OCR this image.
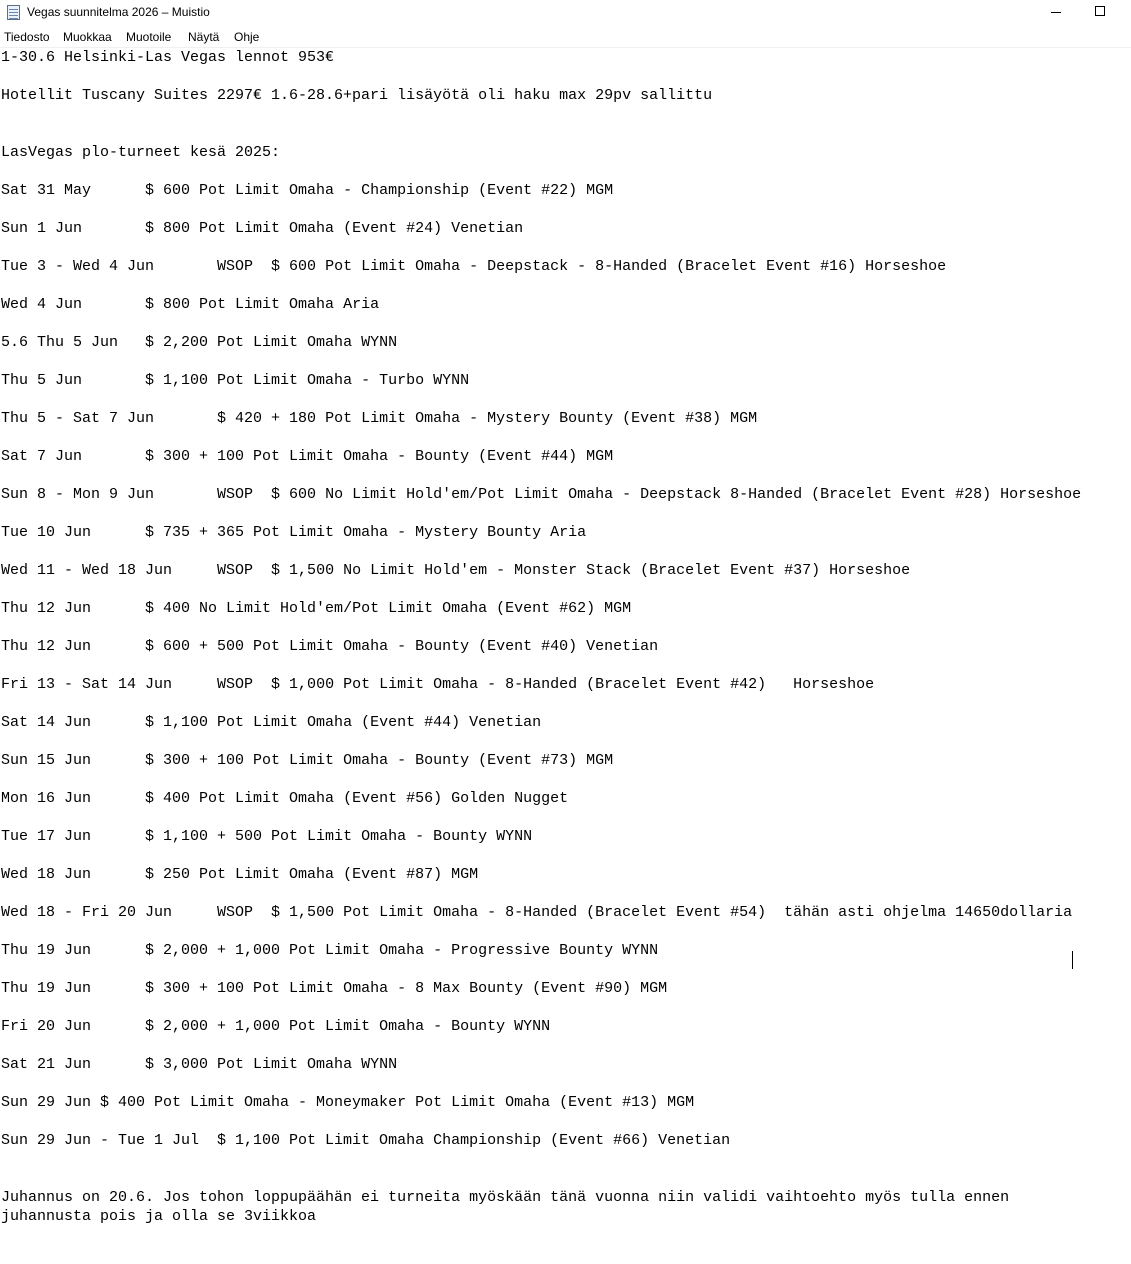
Vegas suunnitelma 2026 – Muistio
Tiedosto Muokkaa Muotoile Näytä Ohje
1-30.6 Helsinki-Las Vegas lennot 953€
Hotellit Tuscany Suites 2297€ 1.6-28.6+pari lisäyötä oli haku max 29pv sallittu
LasVegas plo-turneet kesä 2025:
Sat 31 May	$ 600 Pot Limit Omaha - Championship (Event #22) MGM
Sun 1 Jun	$ 800 Pot Limit Omaha (Event #24) Venetian
Tue 3 - Wed 4 Jun	WSOP  $ 600 Pot Limit Omaha - Deepstack - 8-Handed (Bracelet Event #16) Horseshoe
Wed 4 Jun	$ 800 Pot Limit Omaha Aria
5.6 Thu 5 Jun	$ 2,200 Pot Limit Omaha WYNN
Thu 5 Jun	$ 1,100 Pot Limit Omaha - Turbo WYNN
Thu 5 - Sat 7 Jun	$ 420 + 180 Pot Limit Omaha - Mystery Bounty (Event #38) MGM
Sat 7 Jun	$ 300 + 100 Pot Limit Omaha - Bounty (Event #44) MGM
Sun 8 - Mon 9 Jun	WSOP  $ 600 No Limit Hold'em/Pot Limit Omaha - Deepstack 8-Handed (Bracelet Event #28) Horseshoe
Tue 10 Jun	$ 735 + 365 Pot Limit Omaha - Mystery Bounty Aria
Wed 11 - Wed 18 Jun	WSOP  $ 1,500 No Limit Hold'em - Monster Stack (Bracelet Event #37) Horseshoe
Thu 12 Jun	$ 400 No Limit Hold'em/Pot Limit Omaha (Event #62) MGM
Thu 12 Jun	$ 600 + 500 Pot Limit Omaha - Bounty (Event #40) Venetian
Fri 13 - Sat 14 Jun	WSOP  $ 1,000 Pot Limit Omaha - 8-Handed (Bracelet Event #42)   Horseshoe
Sat 14 Jun	$ 1,100 Pot Limit Omaha (Event #44) Venetian
Sun 15 Jun	$ 300 + 100 Pot Limit Omaha - Bounty (Event #73) MGM
Mon 16 Jun	$ 400 Pot Limit Omaha (Event #56) Golden Nugget
Tue 17 Jun	$ 1,100 + 500 Pot Limit Omaha - Bounty WYNN
Wed 18 Jun	$ 250 Pot Limit Omaha (Event #87) MGM
Wed 18 - Fri 20 Jun	WSOP  $ 1,500 Pot Limit Omaha - 8-Handed (Bracelet Event #54)  tähän asti ohjelma 14650dollaria
Thu 19 Jun	$ 2,000 + 1,000 Pot Limit Omaha - Progressive Bounty WYNN
Thu 19 Jun	$ 300 + 100 Pot Limit Omaha - 8 Max Bounty (Event #90) MGM
Fri 20 Jun	$ 2,000 + 1,000 Pot Limit Omaha - Bounty WYNN
Sat 21 Jun	$ 3,000 Pot Limit Omaha WYNN
Sun 29 Jun $ 400 Pot Limit Omaha - Moneymaker Pot Limit Omaha (Event #13) MGM
Sun 29 Jun - Tue 1 Jul  $ 1,100 Pot Limit Omaha Championship (Event #66) Venetian
Juhannus on 20.6. Jos tohon loppupäähän ei turneita myöskään tänä vuonna niin validi vaihtoehto myös tulla ennen
juhannusta pois ja olla se 3viikkoa
